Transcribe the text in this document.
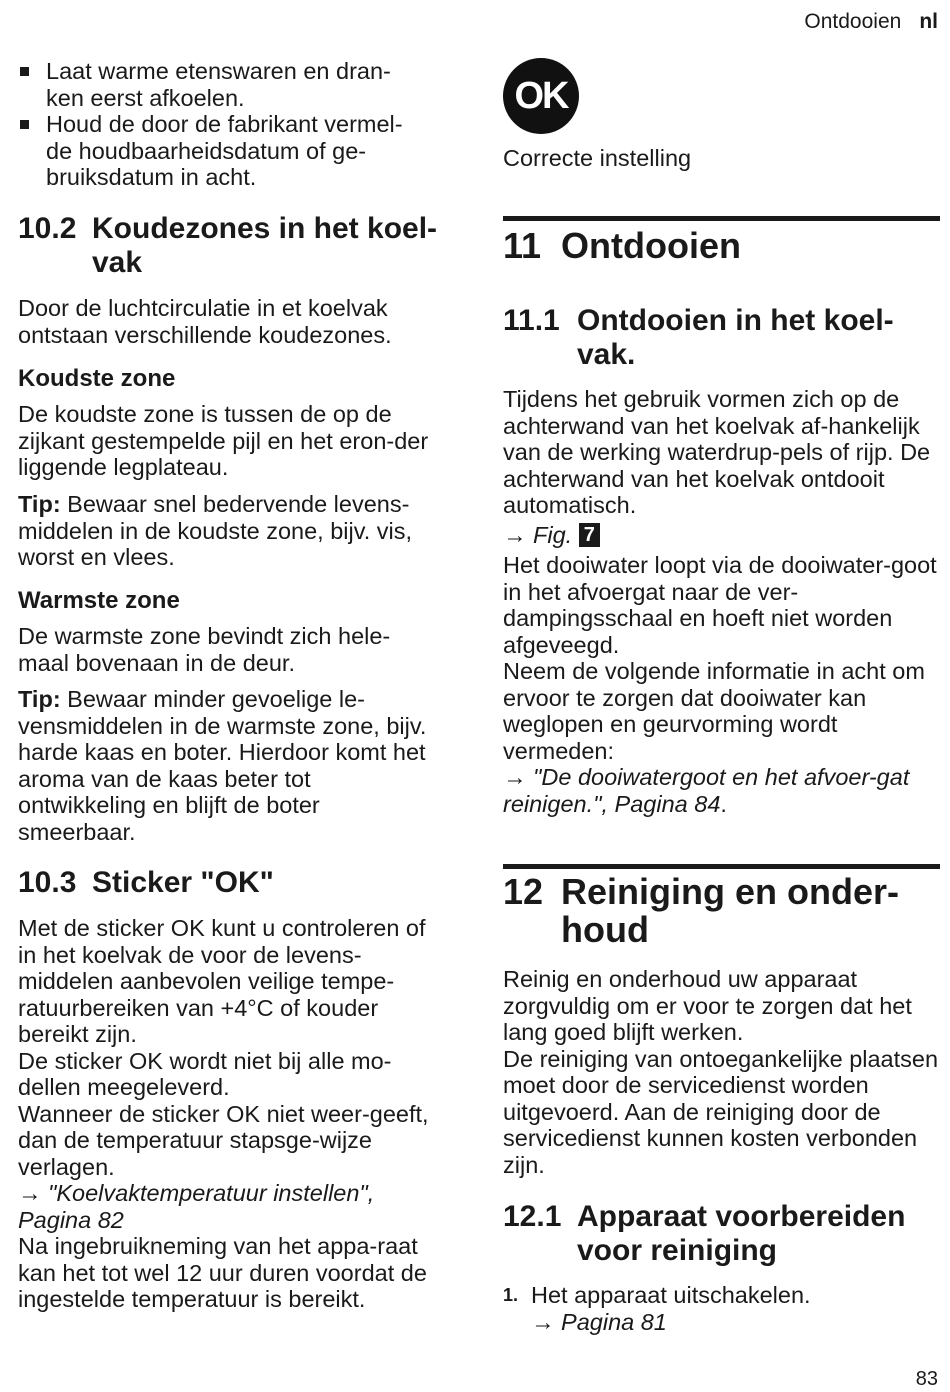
Ontdooien nl

Laat warme etenswaren en dran-
ken eerst afkoelen.

Houd de door de fabrikant vermel-
de houdbaarheidsdatum of ge-
bruiksdatum in acht.

10.2 Koudezones in het koel-
vak

Door de luchtcirculatie in et koelvak ontstaan verschillende koudezones.

Koudste zone

De koudste zone is tussen de op de zijkant gestempelde pijl en het eron-der liggende legplateau.

Tip: Bewaar snel bedervende levens-middelen in de koudste zone, bijv. vis, worst en vlees.

Warmste zone

De warmste zone bevindt zich hele-maal bovenaan in de deur.

Tip: Bewaar minder gevoelige le-vensmiddelen in de warmste zone, bijv. harde kaas en boter. Hierdoor komt het aroma van de kaas beter tot ontwikkeling en blijft de boter smeerbaar.

10.3 Sticker "OK"

Met de sticker OK kunt u controleren of in het koelvak de voor de levens-middelen aanbevolen veilige tempe-ratuurbereiken van +4°C of kouder bereikt zijn.

De sticker OK wordt niet bij alle mo-dellen meegeleverd.

Wanneer de sticker OK niet weer-geeft, dan de temperatuur stapsge-wijze verlagen.

→ "Koelvaktemperatuur instellen", Pagina 82

Na ingebruikneming van het appa-raat kan het tot wel 12 uur duren voordat de ingestelde temperatuur is bereikt.

OK

Correcte instelling

11 Ontdooien
11.1 Ontdooien in het koel-
vak.

Tijdens het gebruik vormen zich op de achterwand van het koelvak af-hankelijk van de werking waterdrup-pels of rijp. De achterwand van het koelvak ontdooit automatisch.

→ Fig. 7

Het dooiwater loopt via de dooiwater-goot in het afvoergat naar de ver-dampingsschaal en hoeft niet worden afgeveegd.

Neem de volgende informatie in acht om ervoor te zorgen dat dooiwater kan weglopen en geurvorming wordt vermeden:

→ "De dooiwatergoot en het afvoer-gat reinigen.", Pagina 84.

12 Reiniging en onder-
houd

Reinig en onderhoud uw apparaat zorgvuldig om er voor te zorgen dat het lang goed blijft werken.

De reiniging van ontoegankelijke plaatsen moet door de servicedienst worden uitgevoerd. Aan de reiniging door de servicedienst kunnen kosten verbonden zijn.

12.1 Apparaat voorbereiden
voor reiniging
1. Het apparaat uitschakelen.

→ Pagina 81

83
